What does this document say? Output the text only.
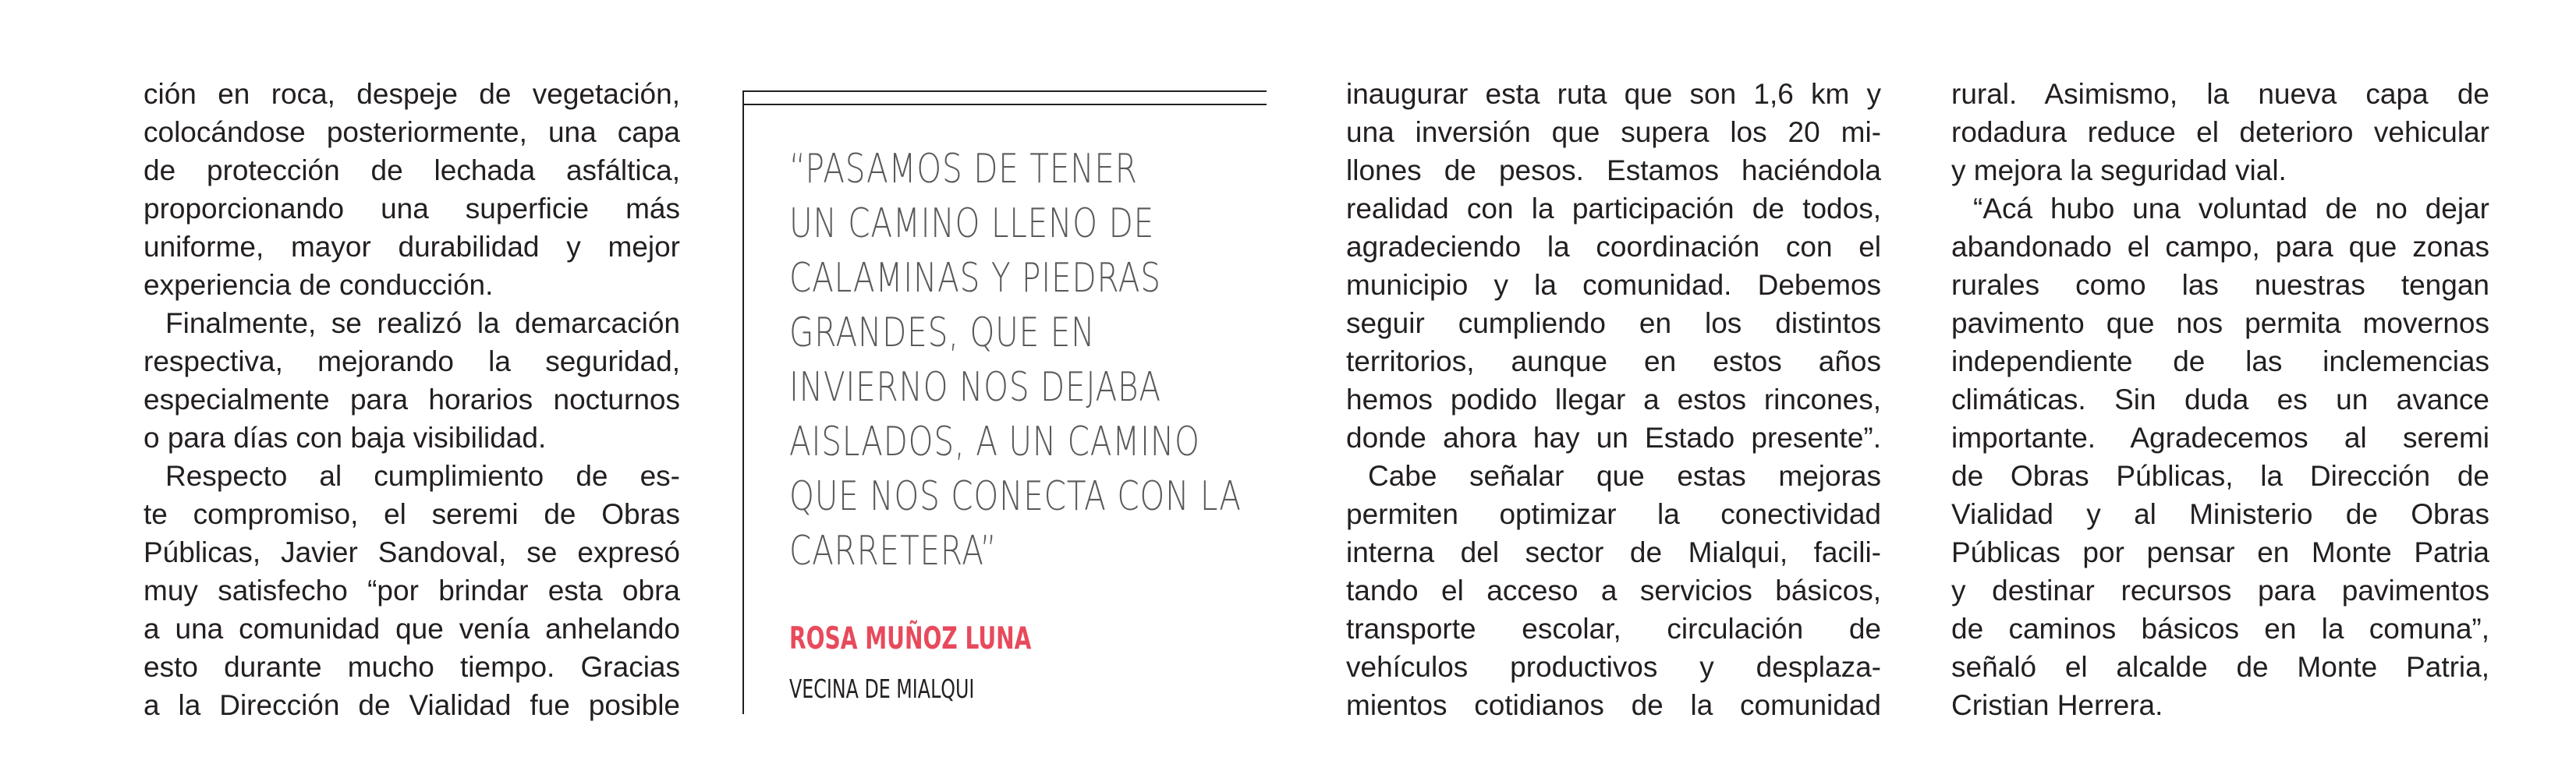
ción en roca, despeje de vegetación,
colocándose posteriormente, una capa
de protección de lechada asfáltica,
proporcionando una superficie más
uniforme, mayor durabilidad y mejor
experiencia de conducción.
Finalmente, se realizó la demarcación
respectiva, mejorando la seguridad,
especialmente para horarios nocturnos
o para días con baja visibilidad.
Respecto al cumplimiento de es-
te compromiso, el seremi de Obras
Públicas, Javier Sandoval, se expresó
muy satisfecho “por brindar esta obra
a una comunidad que venía anhelando
esto durante mucho tiempo. Gracias
a la Dirección de Vialidad fue posible
“PASAMOS DE TENER
UN CAMINO LLENO DE
CALAMINAS Y PIEDRAS
GRANDES, QUE EN
INVIERNO NOS DEJABA
AISLADOS, A UN CAMINO
QUE NOS CONECTA CON LA
CARRETERA”
ROSA MUÑOZ LUNA
VECINA DE MIALQUI
inaugurar esta ruta que son 1,6 km y
una inversión que supera los 20 mi-
llones de pesos. Estamos haciéndola
realidad con la participación de todos,
agradeciendo la coordinación con el
municipio y la comunidad. Debemos
seguir cumpliendo en los distintos
territorios, aunque en estos años
hemos podido llegar a estos rincones,
donde ahora hay un Estado presente”.
Cabe señalar que estas mejoras
permiten optimizar la conectividad
interna del sector de Mialqui, facili-
tando el acceso a servicios básicos,
transporte escolar, circulación de
vehículos productivos y desplaza-
mientos cotidianos de la comunidad
rural. Asimismo, la nueva capa de
rodadura reduce el deterioro vehicular
y mejora la seguridad vial.
“Acá hubo una voluntad de no dejar
abandonado el campo, para que zonas
rurales como las nuestras tengan
pavimento que nos permita movernos
independiente de las inclemencias
climáticas. Sin duda es un avance
importante. Agradecemos al seremi
de Obras Públicas, la Dirección de
Vialidad y al Ministerio de Obras
Públicas por pensar en Monte Patria
y destinar recursos para pavimentos
de caminos básicos en la comuna”,
señaló el alcalde de Monte Patria,
Cristian Herrera.
